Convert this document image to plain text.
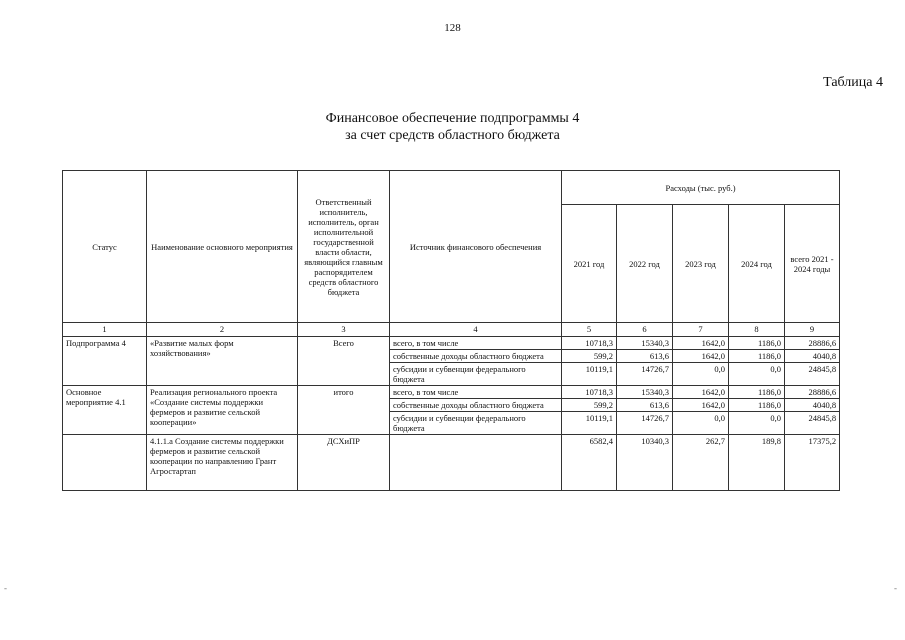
128
Таблица 4
Финансовое обеспечение подпрограммы 4
за счет средств областного бюджета
Статус	Наименование основного мероприятия	Ответственный исполнитель, исполнитель, орган исполнительной государственной власти области, являющийся главным распорядителем средств областного бюджета	Источник финансового обеспечения	Расходы (тыс. руб.)				
				2021 год	2022 год	2023 год	2024 год	всего 2021 - 2024 годы
1	2	3	4	5	6	7	8	9
Подпрограмма 4	«Развитие малых форм хозяйствования»	Всего	всего, в том числе	10718,3	15340,3	1642,0	1186,0	28886,6
			собственные доходы областного бюджета	599,2	613,6	1642,0	1186,0	4040,8
			субсидии и субвенции федерального бюджета	10119,1	14726,7	0,0	0,0	24845,8
Основное мероприятие 4.1	Реализация регионального проекта «Создание системы поддержки фермеров и развитие сельской кооперации»	итого	всего, в том числе	10718,3	15340,3	1642,0	1186,0	28886,6
			собственные доходы областного бюджета	599,2	613,6	1642,0	1186,0	4040,8
			субсидии и субвенции федерального бюджета	10119,1	14726,7	0,0	0,0	24845,8
	4.1.1.а Создание системы поддержки фермеров и развитие сельской кооперации по направлению Грант Агростартап	ДСХиПР		6582,4	10340,3	262,7	189,8	17375,2
-	-
